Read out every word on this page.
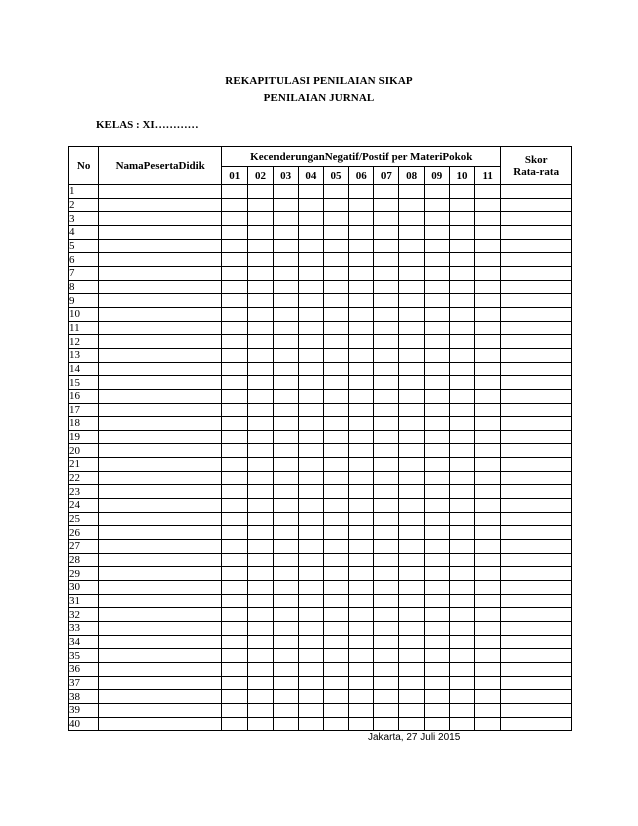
REKAPITULASI PENILAIAN SIKAP
PENILAIAN JURNAL
KELAS : XI…………
No	NamaPesertaDidik	KecenderunganNegatif/Postif per MateriPokok											Skor
Rata-rata

		01	02	03	04	05	06	07	08	09	10	11	
1													
2													
3													
4													
5													
6													
7													
8													
9													
10													
11													
12													
13													
14													
15													
16													
17													
18													
19													
20													
21													
22													
23													
24													
25													
26													
27													
28													
29													
30													
31													
32													
33													
34													
35													
36													
37													
38													
39													
40													
Jakarta, 27 Juli 2015
